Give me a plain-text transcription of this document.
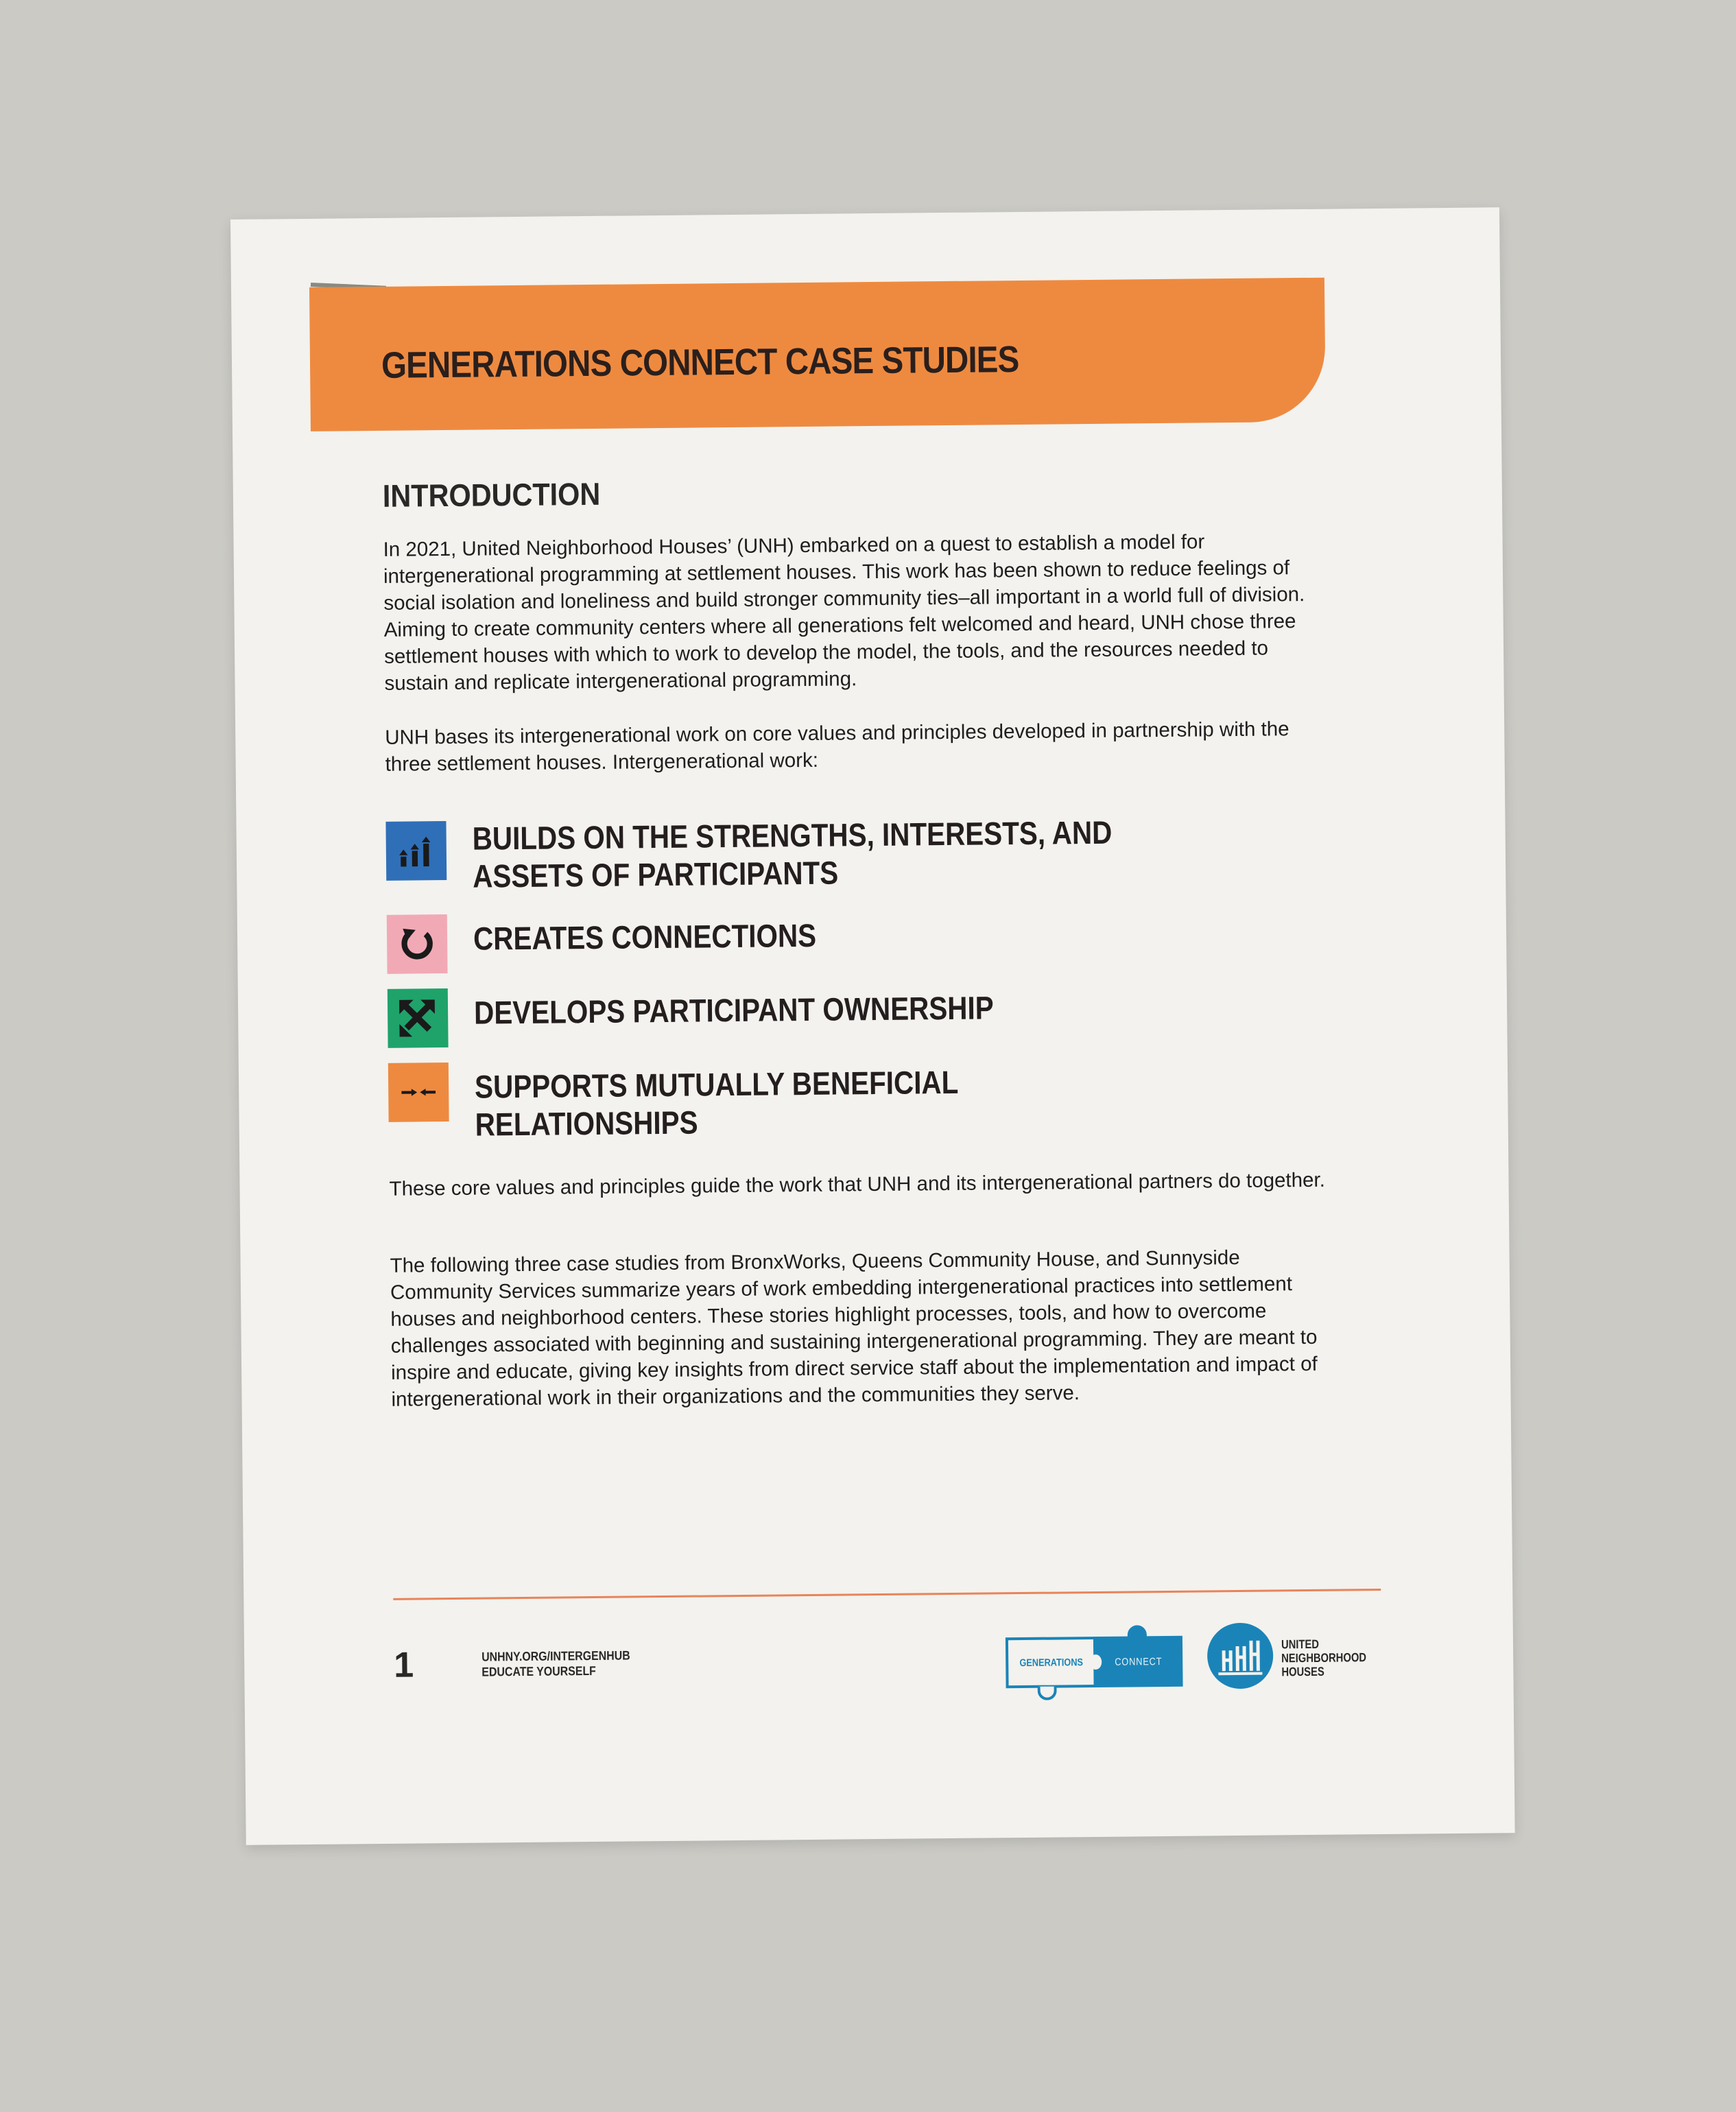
GENERATIONS CONNECT CASE STUDIES
INTRODUCTION

In 2021, United Neighborhood Houses’ (UNH) embarked on a quest to establish a model for intergenerational programming at settlement houses. This work has been shown to reduce feelings of social isolation and loneliness and build stronger community ties–all important in a world full of division. Aiming to create community centers where all generations felt welcomed and heard, UNH chose three settlement houses with which to work to develop the model, the tools, and the resources needed to sustain and replicate intergenerational programming.

UNH bases its intergenerational work on core values and principles developed in partnership with the three settlement houses. Intergenerational work:

BUILDS ON THE STRENGTHS, INTERESTS, AND ASSETS OF PARTICIPANTS

CREATES CONNECTIONS

DEVELOPS PARTICIPANT OWNERSHIP

SUPPORTS MUTUALLY BENEFICIAL RELATIONSHIPS

These core values and principles guide the work that UNH and its intergenerational partners do together.

The following three case studies from BronxWorks, Queens Community House, and Sunnyside Community Services summarize years of work embedding intergenerational practices into settlement houses and neighborhood centers. These stories highlight processes, tools, and how to overcome challenges associated with beginning and sustaining intergenerational programming. They are meant to inspire and educate, giving key insights from direct service staff about the implementation and impact of intergenerational work in their organizations and the communities they serve.

1	UNHNY.ORG/INTERGENHUB
EDUCATE YOURSELF

GENERATIONS	CONNECT

UNITED
NEIGHBORHOOD
HOUSES
